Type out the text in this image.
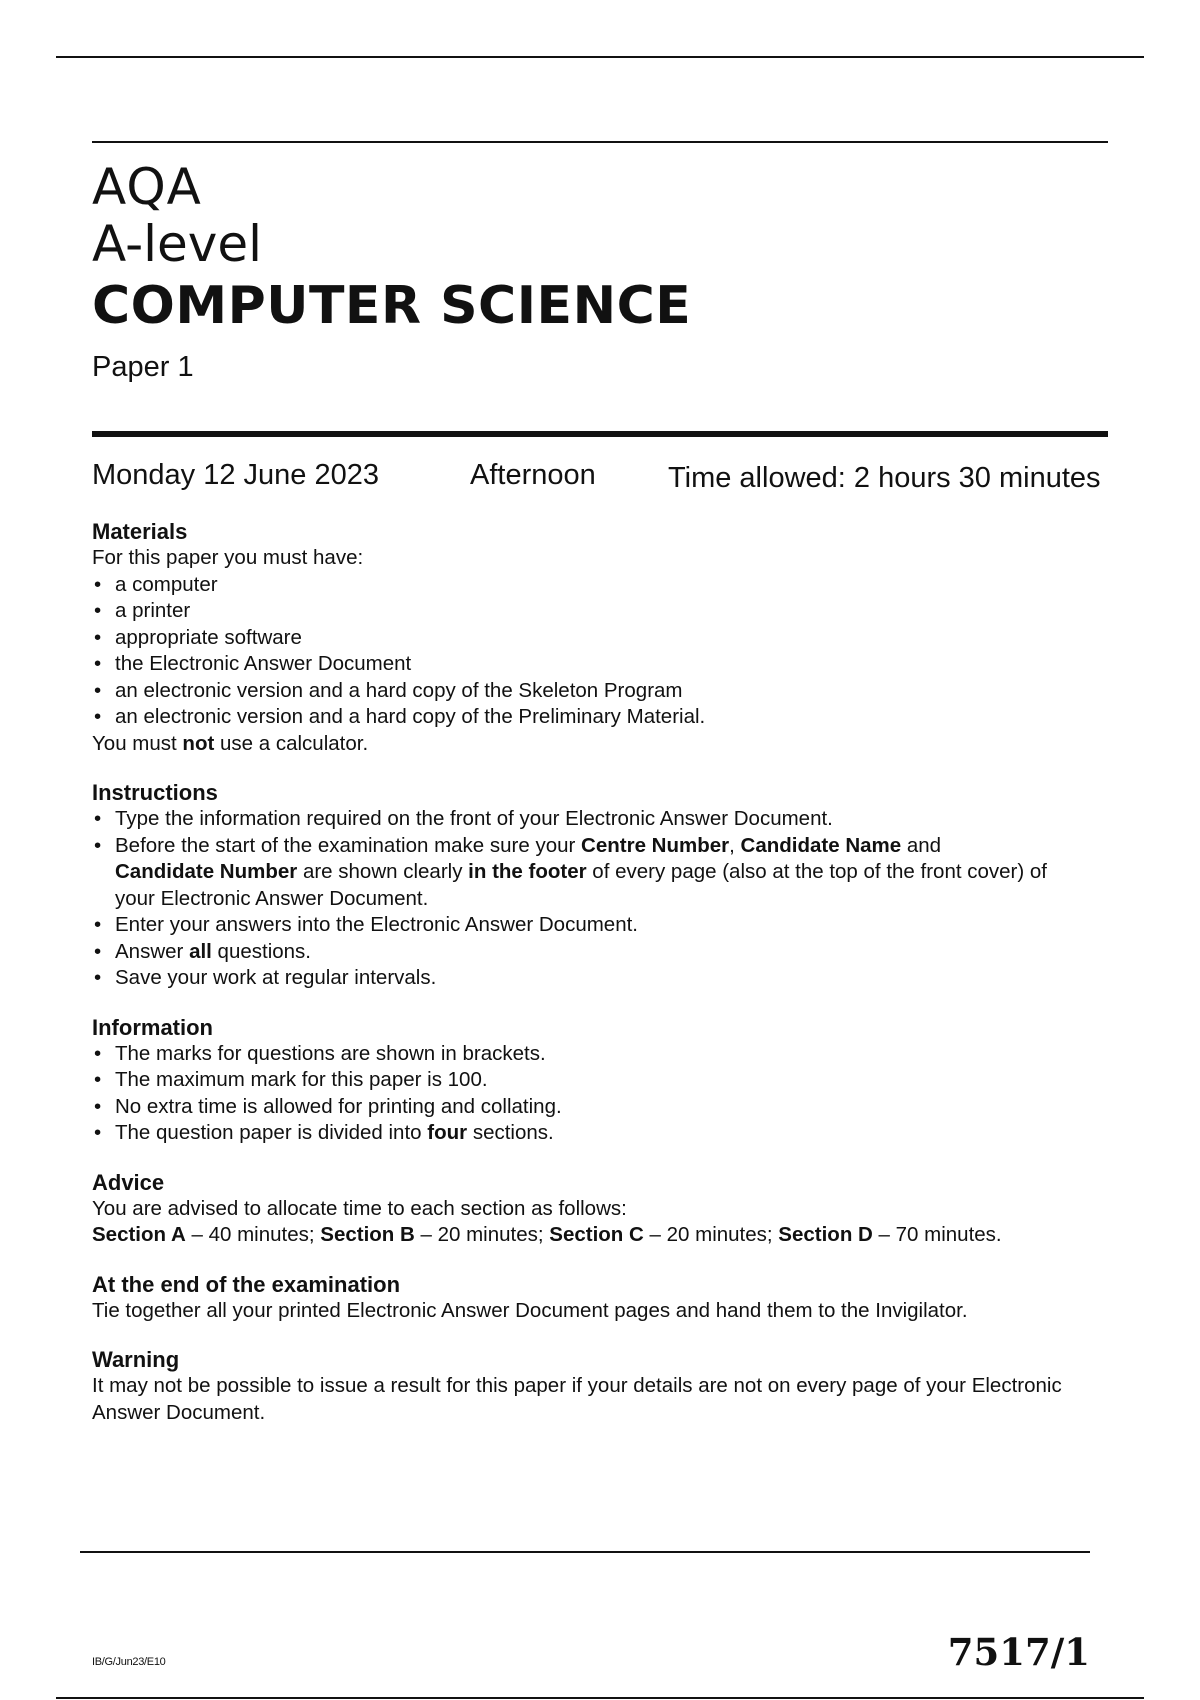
AQA
A-level
COMPUTER SCIENCE

Paper 1

Monday 12 June 2023	Afternoon Time allowed: 2 hours 30 minutes
Materials

For this paper you must have:

• a computer
• a printer
• appropriate software
• the Electronic Answer Document
• an electronic version and a hard copy of the Skeleton Program
• an electronic version and a hard copy of the Preliminary Material.

You must not use a calculator.

Instructions
• Type the information required on the front of your Electronic Answer Document.
• Before the start of the examination make sure your Centre Number, Candidate Name and
Candidate Number are shown clearly in the footer of every page (also at the top of the front cover) of your Electronic Answer Document.
• Enter your answers into the Electronic Answer Document.
• Answer all questions.
• Save your work at regular intervals.
Information
• The marks for questions are shown in brackets.
• The maximum mark for this paper is 100.
• No extra time is allowed for printing and collating.
• The question paper is divided into four sections.
Advice

You are advised to allocate time to each section as follows:

Section A – 40 minutes; Section B – 20 minutes; Section C – 20 minutes; Section D – 70 minutes.

At the end of the examination

Tie together all your printed Electronic Answer Document pages and hand them to the Invigilator.

Warning

It may not be possible to issue a result for this paper if your details are not on every page of your Electronic Answer Document.

IB/G/Jun23/E10	7517/1
